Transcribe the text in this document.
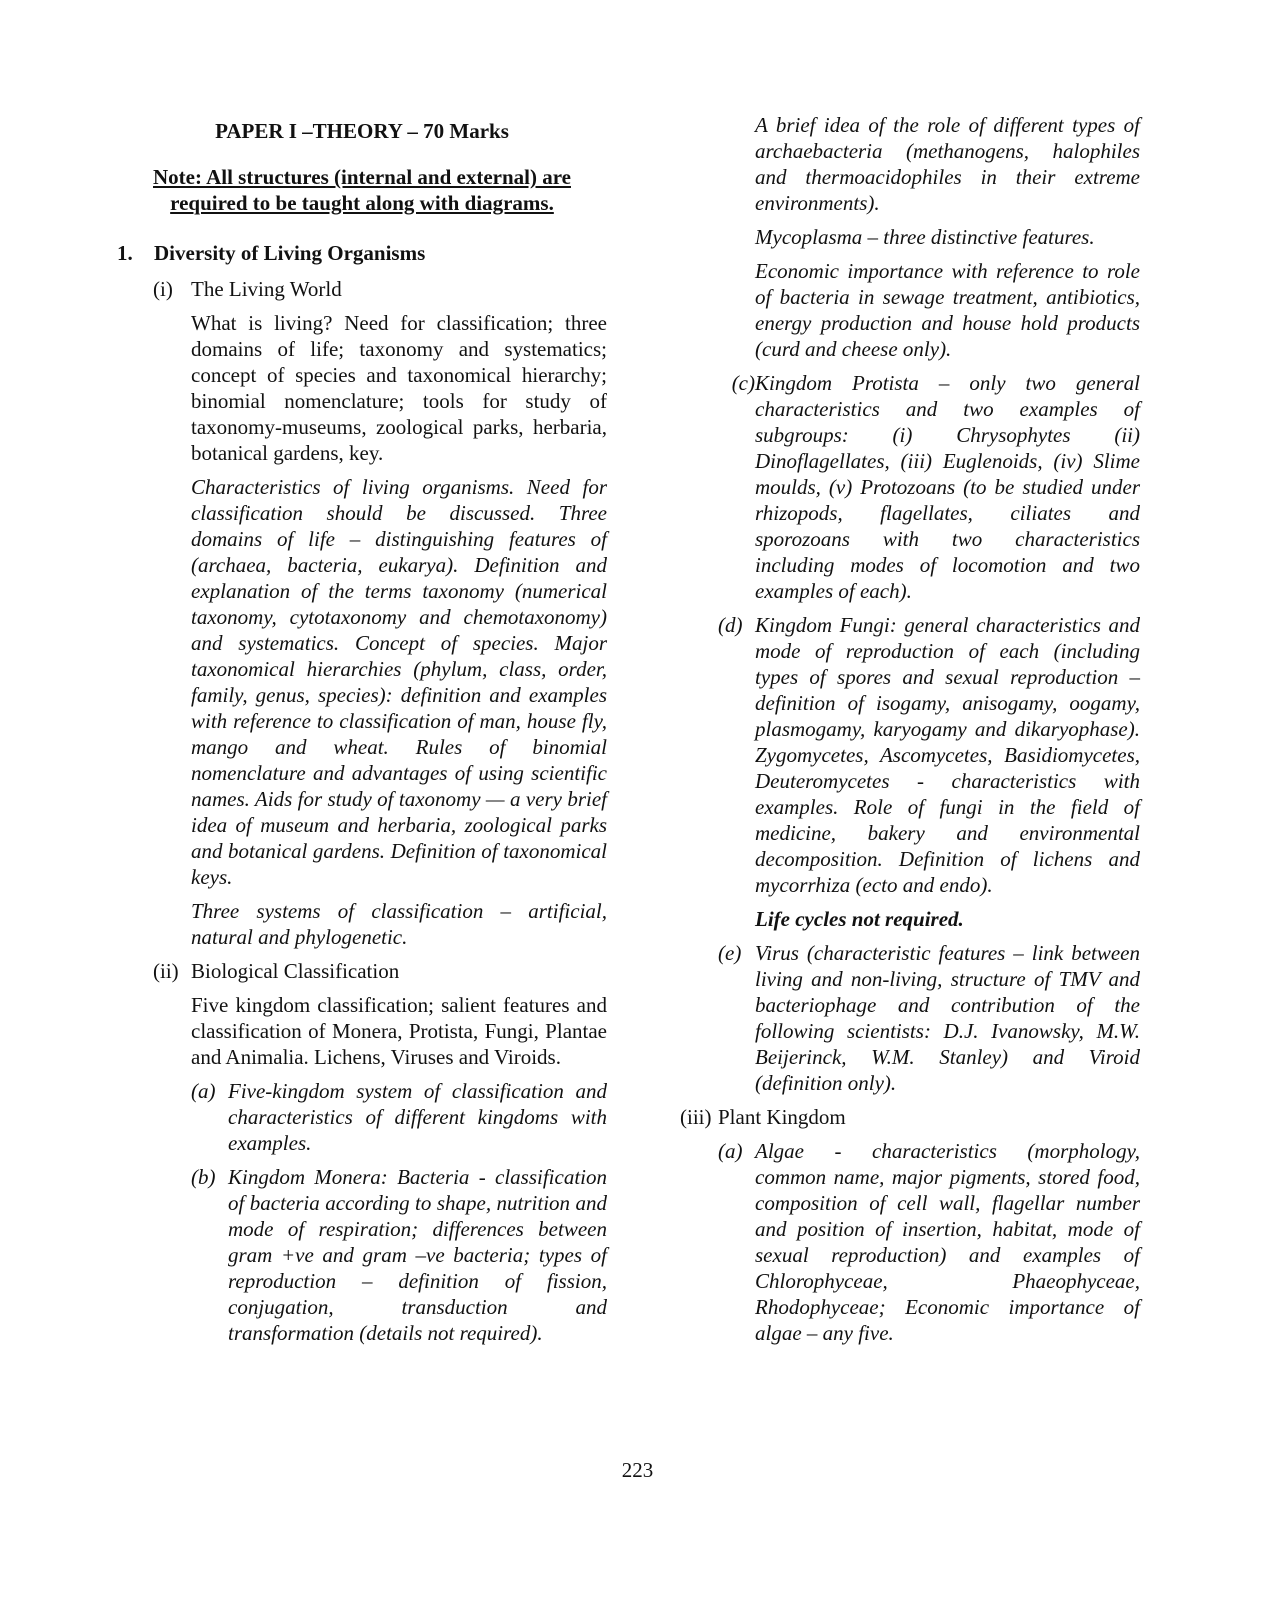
PAPER I –THEORY – 70 Marks
Note: All structures (internal and external) are required to be taught along with diagrams.
1.	Diversity of Living Organisms
(i) The Living World
What is living? Need for classification; three domains of life; taxonomy and systematics; concept of species and taxonomical hierarchy; binomial nomenclature; tools for study of taxonomy-museums, zoological parks, herbaria, botanical gardens, key.
Characteristics of living organisms. Need for classification should be discussed. Three domains of life – distinguishing features of (archaea, bacteria, eukarya). Definition and explanation of the terms taxonomy (numerical taxonomy, cytotaxonomy and chemotaxonomy) and systematics. Concept of species. Major taxonomical hierarchies (phylum, class, order, family, genus, species): definition and examples with reference to classification of man, house fly, mango and wheat. Rules of binomial nomenclature and advantages of using scientific names. Aids for study of taxonomy — a very brief idea of museum and herbaria, zoological parks and botanical gardens. Definition of taxonomical keys.
Three systems of classification – artificial, natural and phylogenetic.
(ii) Biological Classification
Five kingdom classification; salient features and classification of Monera, Protista, Fungi, Plantae and Animalia. Lichens, Viruses and Viroids.
(a) Five-kingdom system of classification and characteristics of different kingdoms with examples.
(b) Kingdom Monera: Bacteria - classification of bacteria according to shape, nutrition and mode of respiration; differences between gram +ve and gram –ve bacteria; types of reproduction – definition of fission, conjugation, transduction and transformation (details not required).
A brief idea of the role of different types of archaebacteria (methanogens, halophiles and thermoacidophiles in their extreme environments).
Mycoplasma – three distinctive features.
Economic importance with reference to role of bacteria in sewage treatment, antibiotics, energy production and house hold products (curd and cheese only).
(c) Kingdom Protista – only two general characteristics and two examples of subgroups: (i) Chrysophytes (ii) Dinoflagellates, (iii) Euglenoids, (iv) Slime moulds, (v) Protozoans (to be studied under rhizopods, flagellates, ciliates and sporozoans with two characteristics including modes of locomotion and two examples of each).
(d) Kingdom Fungi: general characteristics and mode of reproduction of each (including types of spores and sexual reproduction – definition of isogamy, anisogamy, oogamy, plasmogamy, karyogamy and dikaryophase). Zygomycetes, Ascomycetes, Basidiomycetes, Deuteromycetes - characteristics with examples. Role of fungi in the field of medicine, bakery and environmental decomposition. Definition of lichens and mycorrhiza (ecto and endo).
Life cycles not required.
(e) Virus (characteristic features – link between living and non-living, structure of TMV and bacteriophage and contribution of the following scientists: D.J. Ivanowsky, M.W. Beijerinck, W.M. Stanley) and Viroid (definition only).
(iii) Plant Kingdom
(a) Algae - characteristics (morphology, common name, major pigments, stored food, composition of cell wall, flagellar number and position of insertion, habitat, mode of sexual reproduction) and examples of Chlorophyceae, Phaeophyceae, Rhodophyceae; Economic importance of algae – any five.
223
